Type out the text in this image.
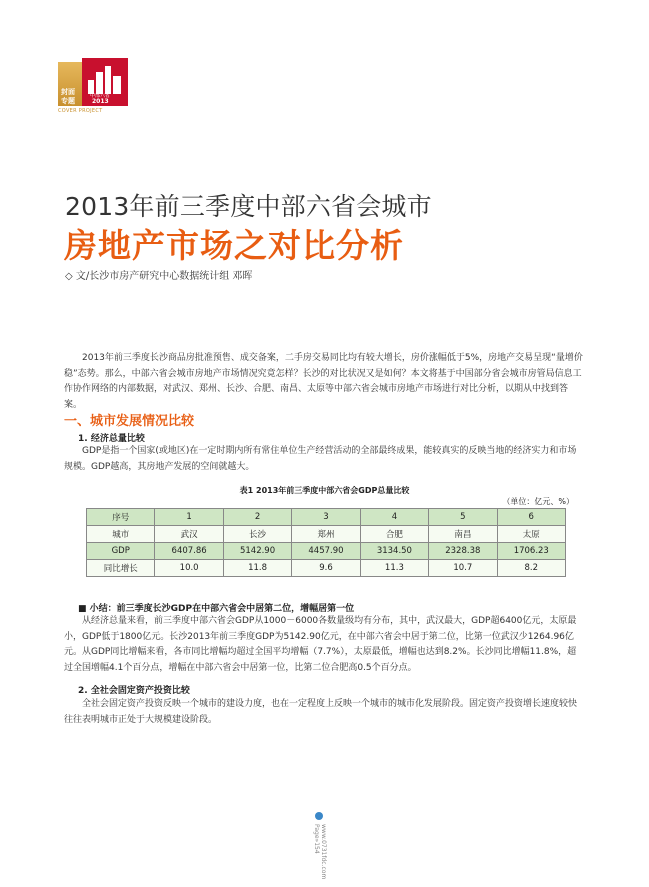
封面
专题
中部六省
2013
COVER PROJECT
2013年前三季度中部六省会城市
房地产市场之对比分析
◇ 文/长沙市房产研究中心数据统计组 邓晖

2013年前三季度长沙商品房批准预售、成交备案，二手房交易同比均有较大增长，房价涨幅低于5%，房地产交易呈现“量增价稳”态势。那么，中部六省会城市房地产市场情况究竟怎样？长沙的对比状况又是如何？本文将基于中国部分省会城市房管局信息工作协作网络的内部数据，对武汉、郑州、长沙、合肥、南昌、太原等中部六省会城市房地产市场进行对比分析，以期从中找到答案。

一、城市发展情况比较
1. 经济总量比较

GDP是指一个国家(或地区)在一定时期内所有常住单位生产经营活动的全部最终成果，能较真实的反映当地的经济实力和市场规模。GDP越高，其房地产发展的空间就越大。

表1 2013年前三季度中部六省会GDP总量比较
（单位：亿元、%）
序号	1	2	3	4	5	6
城市	武汉	长沙	郑州	合肥	南昌	太原
GDP	6407.86	5142.90	4457.90	3134.50	2328.38	1706.23
同比增长	10.0	11.8	9.6	11.3	10.7	8.2
■ 小结：前三季度长沙GDP在中部六省会中居第二位，增幅居第一位

从经济总量来看，前三季度中部六省会GDP从1000－6000各数量级均有分布，其中，武汉最大，GDP超6400亿元，太原最小，GDP低于1800亿元。长沙2013年前三季度GDP为5142.90亿元，在中部六省会中居于第二位，比第一位武汉少1264.96亿元。 从GDP同比增幅来看，各市同比增幅均超过全国平均增幅（7.7%），太原最低，增幅也达到8.2%。长沙同比增幅11.8%，超过全国增幅4.1个百分点，增幅在中部六省会中居第一位，比第二位合肥高0.5个百分点。

2. 全社会固定资产投资比较

全社会固定资产投资反映一个城市的建设力度，也在一定程度上反映一个城市的城市化发展阶段。固定资产投资增长速度较快往往表明城市正处于大规模建设阶段。

Page»154 www.0731fdc.com
